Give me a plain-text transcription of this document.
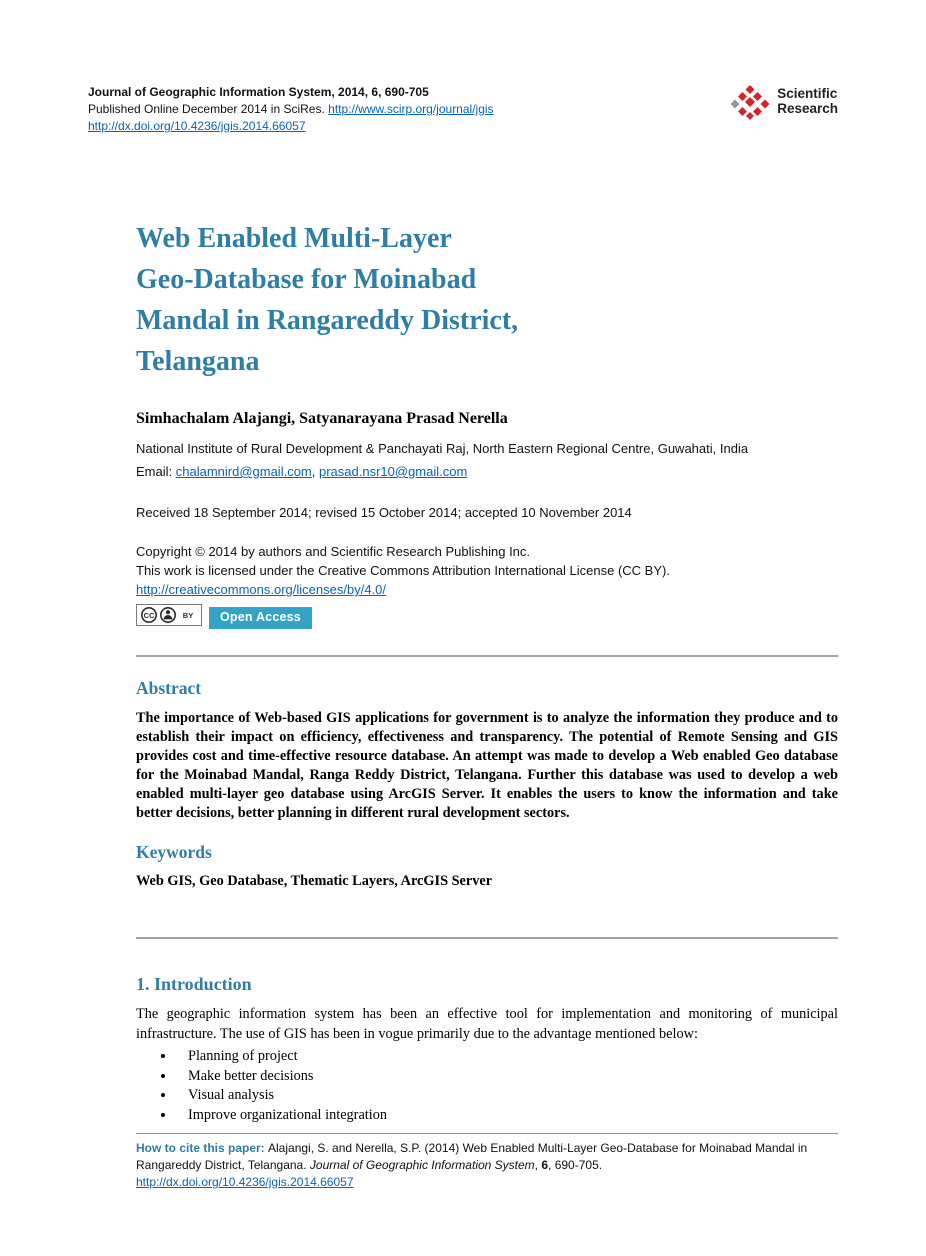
Journal of Geographic Information System, 2014, 6, 690-705
Published Online December 2014 in SciRes. http://www.scirp.org/journal/jgis
http://dx.doi.org/10.4236/jgis.2014.66057
Scientific
Research
Web Enabled Multi-Layer
Geo-Database for Moinabad
Mandal in Rangareddy District,
Telangana
Simhachalam Alajangi, Satyanarayana Prasad Nerella
National Institute of Rural Development & Panchayati Raj, North Eastern Regional Centre, Guwahati, India
Email: chalamnird@gmail.com, prasad.nsr10@gmail.com
Received 18 September 2014; revised 15 October 2014; accepted 10 November 2014
Copyright © 2014 by authors and Scientific Research Publishing Inc.
This work is licensed under the Creative Commons Attribution International License (CC BY).
http://creativecommons.org/licenses/by/4.0/
CC	BY	Open Access
Abstract

The importance of Web-based GIS applications for government is to analyze the information they produce and to establish their impact on efficiency, effectiveness and transparency. The potential of Remote Sensing and GIS provides cost and time-effective resource database. An attempt was made to develop a Web enabled Geo database for the Moinabad Mandal, Ranga Reddy District, Telangana. Further this database was used to develop a web enabled multi-layer geo database using ArcGIS Server. It enables the users to know the information and take better decisions, better planning in different rural development sectors.

Keywords

Web GIS, Geo Database, Thematic Layers, ArcGIS Server

1. Introduction

The geographic information system has been an effective tool for implementation and monitoring of municipal infrastructure. The use of GIS has been in vogue primarily due to the advantage mentioned below:

• Planning of project
• Make better decisions
• Visual analysis
• Improve organizational integration
How to cite this paper: Alajangi, S. and Nerella, S.P. (2014) Web Enabled Multi-Layer Geo-Database for Moinabad Mandal in Rangareddy District, Telangana. Journal of Geographic Information System, 6, 690-705.
http://dx.doi.org/10.4236/jgis.2014.66057
